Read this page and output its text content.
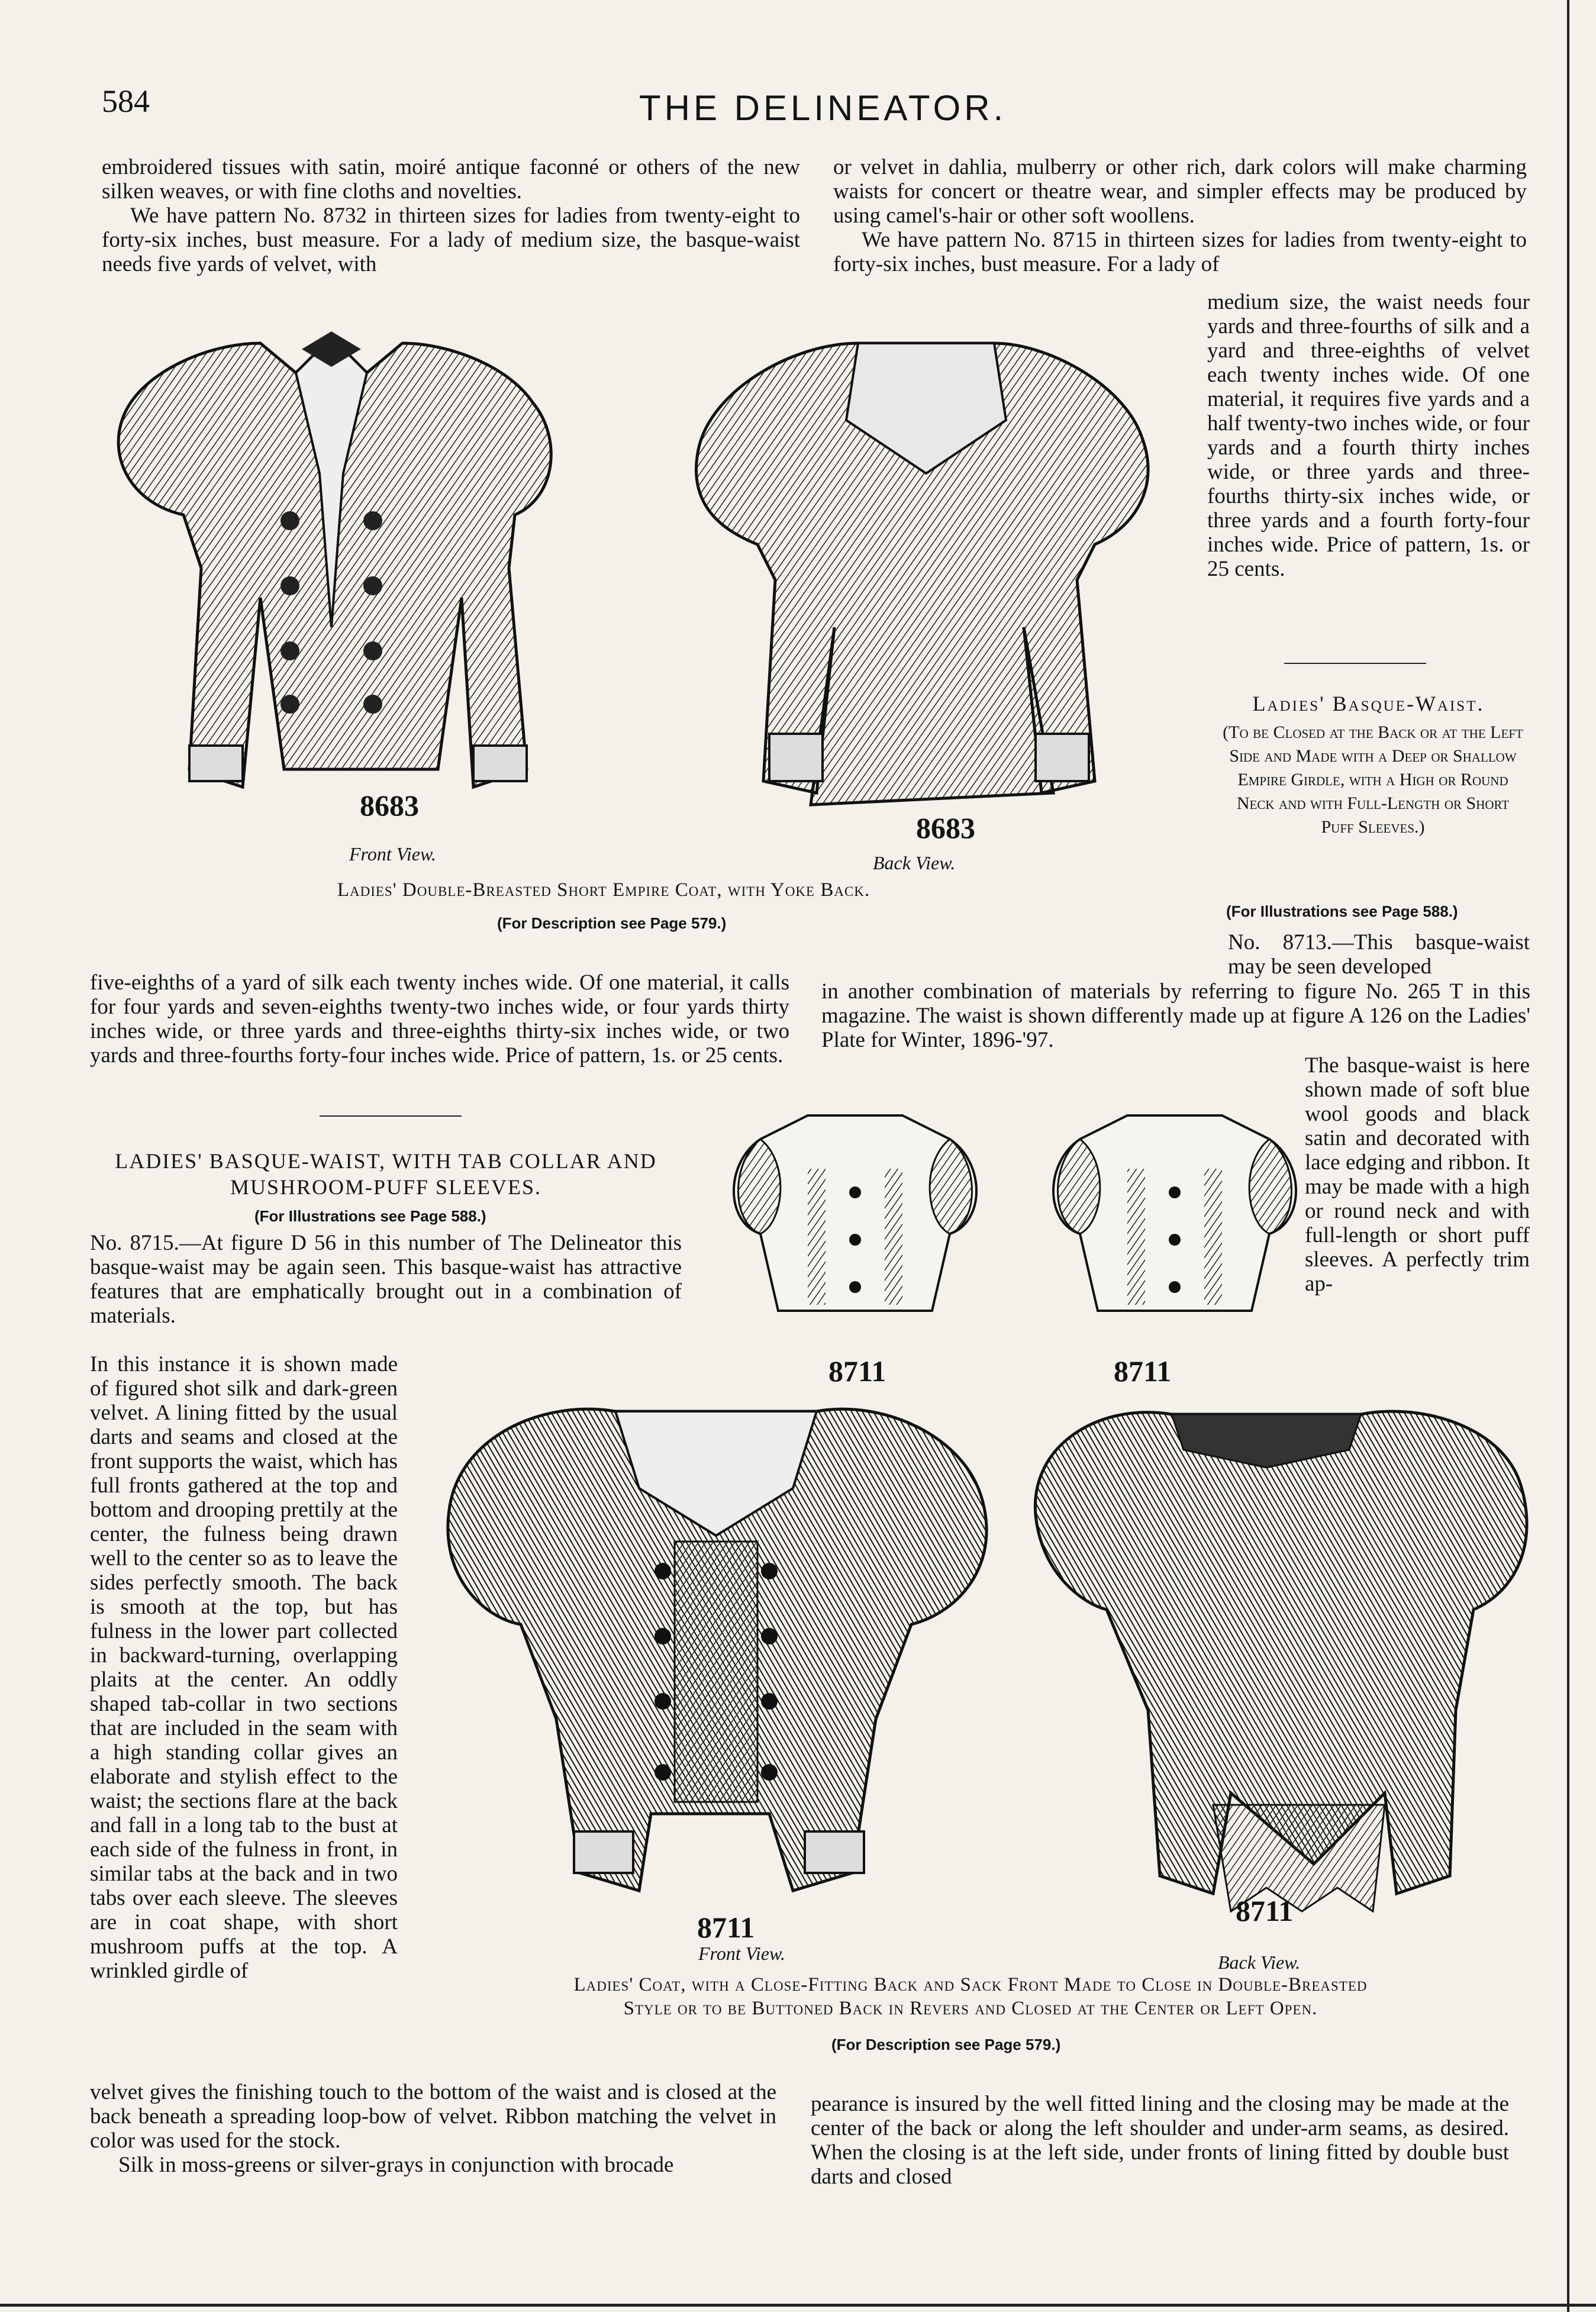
584	THE DELINEATOR.

embroidered tissues with satin, moiré antique faconné or others of the new silken weaves, or with fine cloths and novelties.

We have pattern No. 8732 in thirteen sizes for ladies from twenty-eight to forty-six inches, bust measure. For a lady of medium size, the basque-waist needs five yards of velvet, with

or velvet in dahlia, mulberry or other rich, dark colors will make charming waists for concert or theatre wear, and simpler effects may be produced by using camel's-hair or other soft woollens.

We have pattern No. 8715 in thirteen sizes for ladies from twenty-eight to forty-six inches, bust measure. For a lady of

medium size, the waist needs four yards and three-fourths of silk and a yard and three-eighths of velvet each twenty inches wide. Of one material, it requires five yards and a half twenty-two inches wide, or four yards and a fourth thirty inches wide, or three yards and three-fourths thirty-six inches wide, or three yards and a fourth forty-four inches wide. Price of pattern, 1s. or 25 cents.

8683
Front View.
8683
Back View.
Ladies' Double-Breasted Short Empire Coat, with Yoke Back.
(For Description see Page 579.)
Ladies' Basque-Waist.
(To be Closed at the Back or at the Left Side and Made with a Deep or Shallow Empire Girdle, with a High or Round Neck and with Full-Length or Short Puff Sleeves.)
(For Illustrations see Page 588.)

No. 8713.—This basque-waist may be seen developed

five-eighths of a yard of silk each twenty inches wide. Of one material, it calls for four yards and seven-eighths twenty-two inches wide, or four yards thirty inches wide, or three yards and three-eighths thirty-six inches wide, or two yards and three-fourths forty-four inches wide. Price of pattern, 1s. or 25 cents.

in another combination of materials by referring to figure No. 265 T in this magazine. The waist is shown differently made up at figure A 126 on the Ladies' Plate for Winter, 1896-'97.

The basque-waist is here shown made of soft blue wool goods and black satin and decorated with lace edging and ribbon. It may be made with a high or round neck and with full-length or short puff sleeves. A perfectly trim ap-

LADIES' BASQUE-WAIST, WITH TAB COLLAR AND MUSHROOM-PUFF SLEEVES.
(For Illustrations see Page 588.)

No. 8715.—At figure D 56 in this number of The Delineator this basque-waist may be again seen. This basque-waist has attractive features that are emphatically brought out in a combination of materials.

In this instance it is shown made of figured shot silk and dark-green velvet. A lining fitted by the usual darts and seams and closed at the front supports the waist, which has full fronts gathered at the top and bottom and drooping prettily at the center, the fulness being drawn well to the center so as to leave the sides perfectly smooth. The back is smooth at the top, but has fulness in the lower part collected in backward-turning, overlapping plaits at the center. An oddly shaped tab-collar in two sections that are included in the seam with a high standing collar gives an elaborate and stylish effect to the waist; the sections flare at the back and fall in a long tab to the bust at each side of the fulness in front, in similar tabs at the back and in two tabs over each sleeve. The sleeves are in coat shape, with short mushroom puffs at the top. A wrinkled girdle of

8711	8711
8711
Front View.
8711
Back View.
Ladies' Coat, with a Close-Fitting Back and Sack Front Made to Close in Double-Breasted
Style or to be Buttoned Back in Revers and Closed at the Center or Left Open.
(For Description see Page 579.)

velvet gives the finishing touch to the bottom of the waist and is closed at the back beneath a spreading loop-bow of velvet. Ribbon matching the velvet in color was used for the stock.

Silk in moss-greens or silver-grays in conjunction with brocade

pearance is insured by the well fitted lining and the closing may be made at the center of the back or along the left shoulder and under-arm seams, as desired. When the closing is at the left side, under fronts of lining fitted by double bust darts and closed
